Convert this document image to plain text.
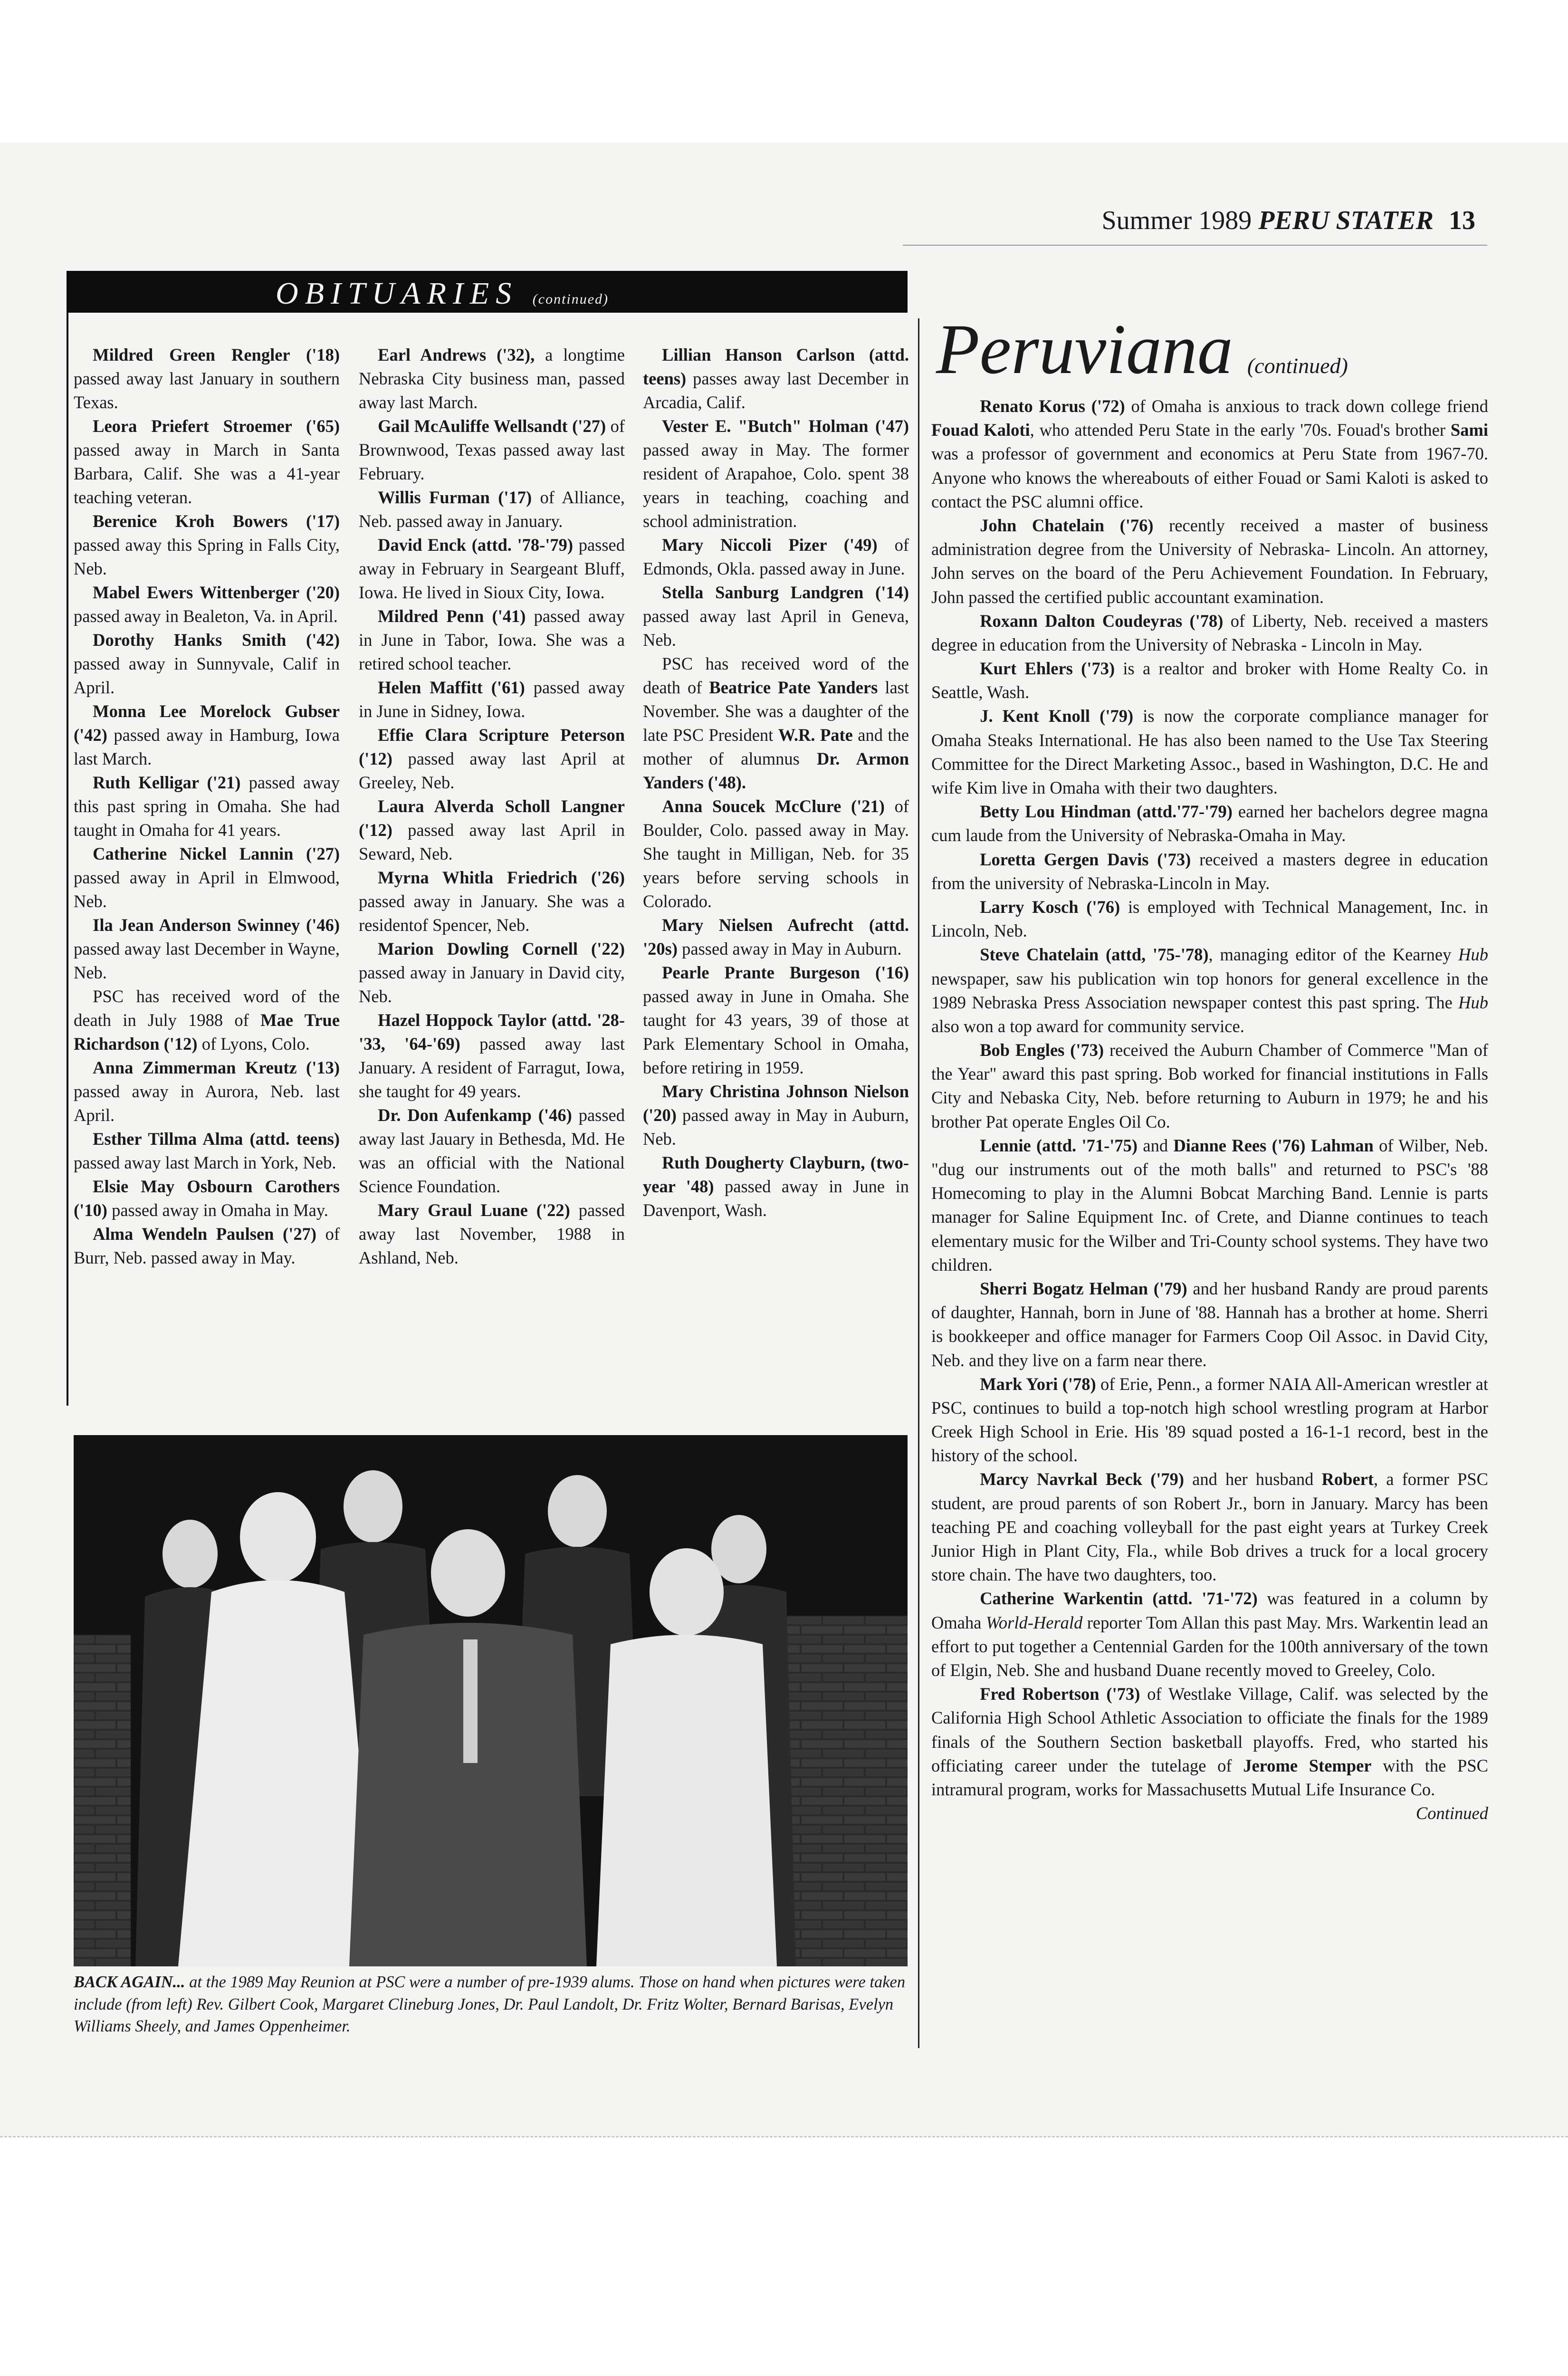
Summer 1989 PERU STATER 13
OBITUARIES (continued)

Mildred Green Rengler ('18) passed away last January in southern Texas.

Leora Priefert Stroemer ('65) passed away in March in Santa Barbara, Calif. She was a 41-year teaching veteran.

Berenice Kroh Bowers ('17) passed away this Spring in Falls City, Neb.

Mabel Ewers Wittenberger ('20) passed away in Bealeton, Va. in April.

Dorothy Hanks Smith ('42) passed away in Sunnyvale, Calif in April.

Monna Lee Morelock Gubser ('42) passed away in Hamburg, Iowa last March.

Ruth Kelligar ('21) passed away this past spring in Omaha. She had taught in Omaha for 41 years.

Catherine Nickel Lannin ('27) passed away in April in Elmwood, Neb.

Ila Jean Anderson Swinney ('46) passed away last December in Wayne, Neb.

PSC has received word of the death in July 1988 of Mae True Richardson ('12) of Lyons, Colo.

Anna Zimmerman Kreutz ('13) passed away in Aurora, Neb. last April.

Esther Tillma Alma (attd. teens) passed away last March in York, Neb.

Elsie May Osbourn Carothers ('10) passed away in Omaha in May.

Alma Wendeln Paulsen ('27) of Burr, Neb. passed away in May.

Earl Andrews ('32), a longtime Nebraska City business man, passed away last March.

Gail McAuliffe Wellsandt ('27) of Brownwood, Texas passed away last February.

Willis Furman ('17) of Alliance, Neb. passed away in January.

David Enck (attd. '78-'79) passed away in February in Seargeant Bluff, Iowa. He lived in Sioux City, Iowa.

Mildred Penn ('41) passed away in June in Tabor, Iowa. She was a retired school teacher.

Helen Maffitt ('61) passed away in June in Sidney, Iowa.

Effie Clara Scripture Peterson ('12) passed away last April at Greeley, Neb.

Laura Alverda Scholl Langner ('12) passed away last April in Seward, Neb.

Myrna Whitla Friedrich ('26) passed away in January. She was a residentof Spencer, Neb.

Marion Dowling Cornell ('22) passed away in January in David city, Neb.

Hazel Hoppock Taylor (attd. '28-'33, '64-'69) passed away last January. A resident of Farragut, Iowa, she taught for 49 years.

Dr. Don Aufenkamp ('46) passed away last Jauary in Bethesda, Md. He was an official with the National Science Foundation.

Mary Graul Luane ('22) passed away last November, 1988 in Ashland, Neb.

Lillian Hanson Carlson (attd. teens) passes away last December in Arcadia, Calif.

Vester E. "Butch" Holman ('47) passed away in May. The former resident of Arapahoe, Colo. spent 38 years in teaching, coaching and school administration.

Mary Niccoli Pizer ('49) of Edmonds, Okla. passed away in June.

Stella Sanburg Landgren ('14) passed away last April in Geneva, Neb.

PSC has received word of the death of Beatrice Pate Yanders last November. She was a daughter of the late PSC President W.R. Pate and the mother of alumnus Dr. Armon Yanders ('48).

Anna Soucek McClure ('21) of Boulder, Colo. passed away in May. She taught in Milligan, Neb. for 35 years before serving schools in Colorado.

Mary Nielsen Aufrecht (attd. '20s) passed away in May in Auburn.

Pearle Prante Burgeson ('16) passed away in June in Omaha. She taught for 43 years, 39 of those at Park Elementary School in Omaha, before retiring in 1959.

Mary Christina Johnson Nielson ('20) passed away in May in Auburn, Neb.

Ruth Dougherty Clayburn, (two-year '48) passed away in June in Davenport, Wash.

BACK AGAIN... at the 1989 May Reunion at PSC were a number of pre-1939 alums. Those on hand when pictures were taken include (from left) Rev. Gilbert Cook, Margaret Clineburg Jones, Dr. Paul Landolt, Dr. Fritz Wolter, Bernard Barisas, Evelyn Williams Sheely, and James Oppenheimer.

Peruviana (continued)

Renato Korus ('72) of Omaha is anxious to track down college friend Fouad Kaloti, who attended Peru State in the early '70s. Fouad's brother Sami was a professor of government and economics at Peru State from 1967-70. Anyone who knows the whereabouts of either Fouad or Sami Kaloti is asked to contact the PSC alumni office.

John Chatelain ('76) recently received a master of business administration degree from the University of Nebraska- Lincoln. An attorney, John serves on the board of the Peru Achievement Foundation. In February, John passed the certified public accountant examination.

Roxann Dalton Coudeyras ('78) of Liberty, Neb. received a masters degree in education from the University of Nebraska - Lincoln in May.

Kurt Ehlers ('73) is a realtor and broker with Home Realty Co. in Seattle, Wash.

J. Kent Knoll ('79) is now the corporate compliance manager for Omaha Steaks International. He has also been named to the Use Tax Steering Committee for the Direct Marketing Assoc., based in Washington, D.C. He and wife Kim live in Omaha with their two daughters.

Betty Lou Hindman (attd.'77-'79) earned her bachelors degree magna cum laude from the University of Nebraska-Omaha in May.

Loretta Gergen Davis ('73) received a masters degree in education from the university of Nebraska-Lincoln in May.

Larry Kosch ('76) is employed with Technical Management, Inc. in Lincoln, Neb.

Steve Chatelain (attd, '75-'78), managing editor of the Kearney Hub newspaper, saw his publication win top honors for general excellence in the 1989 Nebraska Press Association newspaper contest this past spring. The Hub also won a top award for community service.

Bob Engles ('73) received the Auburn Chamber of Commerce "Man of the Year" award this past spring. Bob worked for financial institutions in Falls City and Nebaska City, Neb. before returning to Auburn in 1979; he and his brother Pat operate Engles Oil Co.

Lennie (attd. '71-'75) and Dianne Rees ('76) Lahman of Wilber, Neb. "dug our instruments out of the moth balls" and returned to PSC's '88 Homecoming to play in the Alumni Bobcat Marching Band. Lennie is parts manager for Saline Equipment Inc. of Crete, and Dianne continues to teach elementary music for the Wilber and Tri-County school systems. They have two children.

Sherri Bogatz Helman ('79) and her husband Randy are proud parents of daughter, Hannah, born in June of '88. Hannah has a brother at home. Sherri is bookkeeper and office manager for Farmers Coop Oil Assoc. in David City, Neb. and they live on a farm near there.

Mark Yori ('78) of Erie, Penn., a former NAIA All-American wrestler at PSC, continues to build a top-notch high school wrestling program at Harbor Creek High School in Erie. His '89 squad posted a 16-1-1 record, best in the history of the school.

Marcy Navrkal Beck ('79) and her husband Robert, a former PSC student, are proud parents of son Robert Jr., born in January. Marcy has been teaching PE and coaching volleyball for the past eight years at Turkey Creek Junior High in Plant City, Fla., while Bob drives a truck for a local grocery store chain. The have two daughters, too.

Catherine Warkentin (attd. '71-'72) was featured in a column by Omaha World-Herald reporter Tom Allan this past May. Mrs. Warkentin lead an effort to put together a Centennial Garden for the 100th anniversary of the town of Elgin, Neb. She and husband Duane recently moved to Greeley, Colo.

Fred Robertson ('73) of Westlake Village, Calif. was selected by the California High School Athletic Association to officiate the finals for the 1989 finals of the Southern Section basketball playoffs. Fred, who started his officiating career under the tutelage of Jerome Stemper with the PSC intramural program, works for Massachusetts Mutual Life Insurance Co.
Continued
